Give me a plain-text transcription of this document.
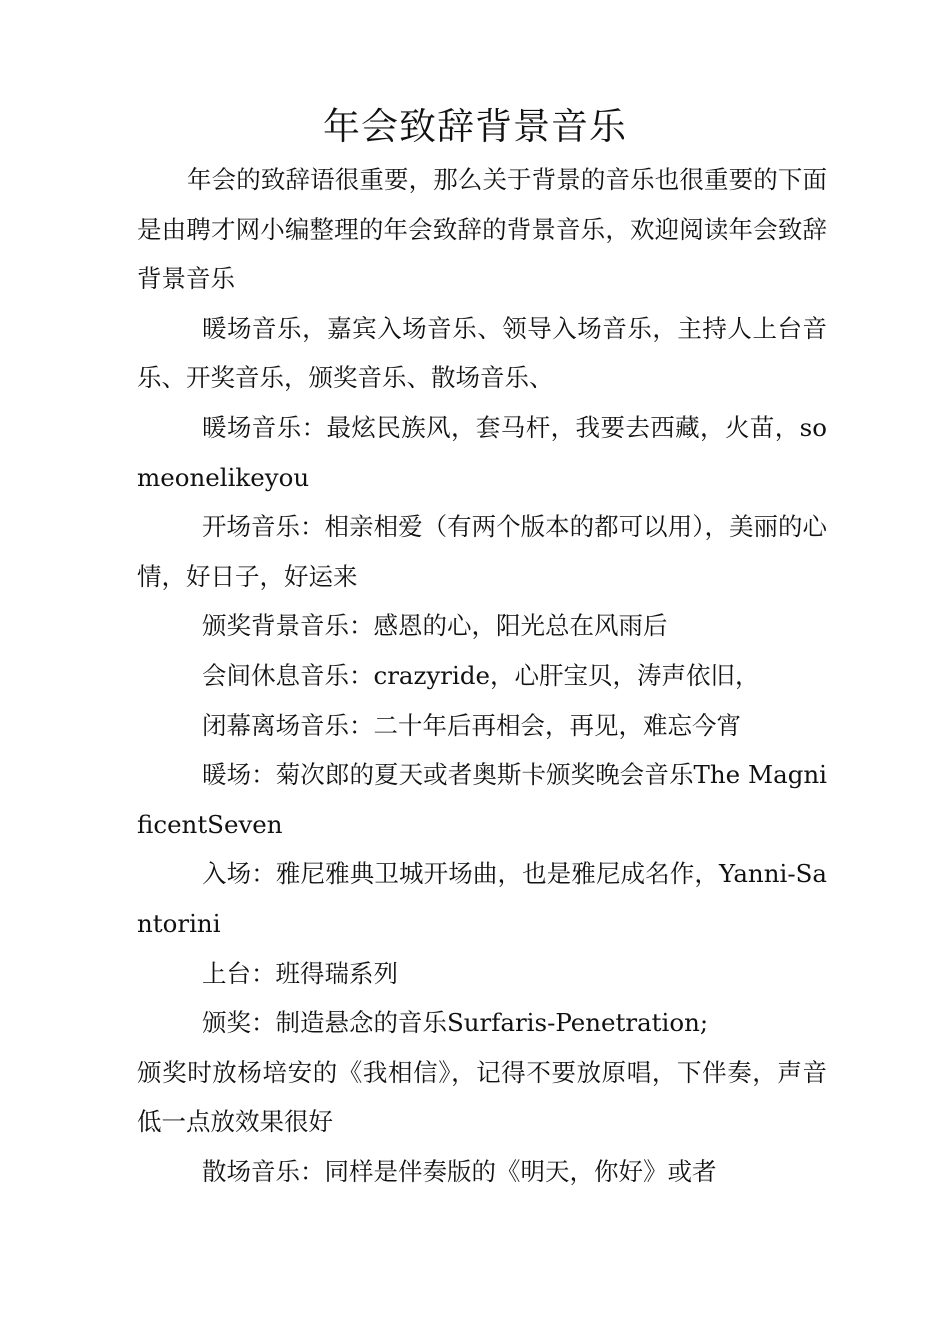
年会致辞背景音乐

年会的致辞语很重要，那么关于背景的音乐也很重要的下面是由聘才网小编整理的年会致辞的背景音乐，欢迎阅读年会致辞背景音乐

暖场音乐，嘉宾入场音乐、领导入场音乐，主持人上台音乐、开奖音乐，颁奖音乐、散场音乐、

暖场音乐：最炫民族风，套马杆，我要去西藏，火苗，someonelikeyou

开场音乐：相亲相爱（有两个版本的都可以用），美丽的心情，好日子，好运来

颁奖背景音乐：感恩的心，阳光总在风雨后

会间休息音乐：crazyride，心肝宝贝，涛声依旧，

闭幕离场音乐：二十年后再相会，再见，难忘今宵

暖场：菊次郎的夏天或者奥斯卡颁奖晚会音乐The MagnificentSeven

入场：雅尼雅典卫城开场曲，也是雅尼成名作，Yanni-Santorini

上台：班得瑞系列

颁奖：制造悬念的音乐Surfaris-Penetration;

颁奖时放杨培安的《我相信》，记得不要放原唱，下伴奏，声音低一点放效果很好

散场音乐：同样是伴奏版的《明天，你好》或者
